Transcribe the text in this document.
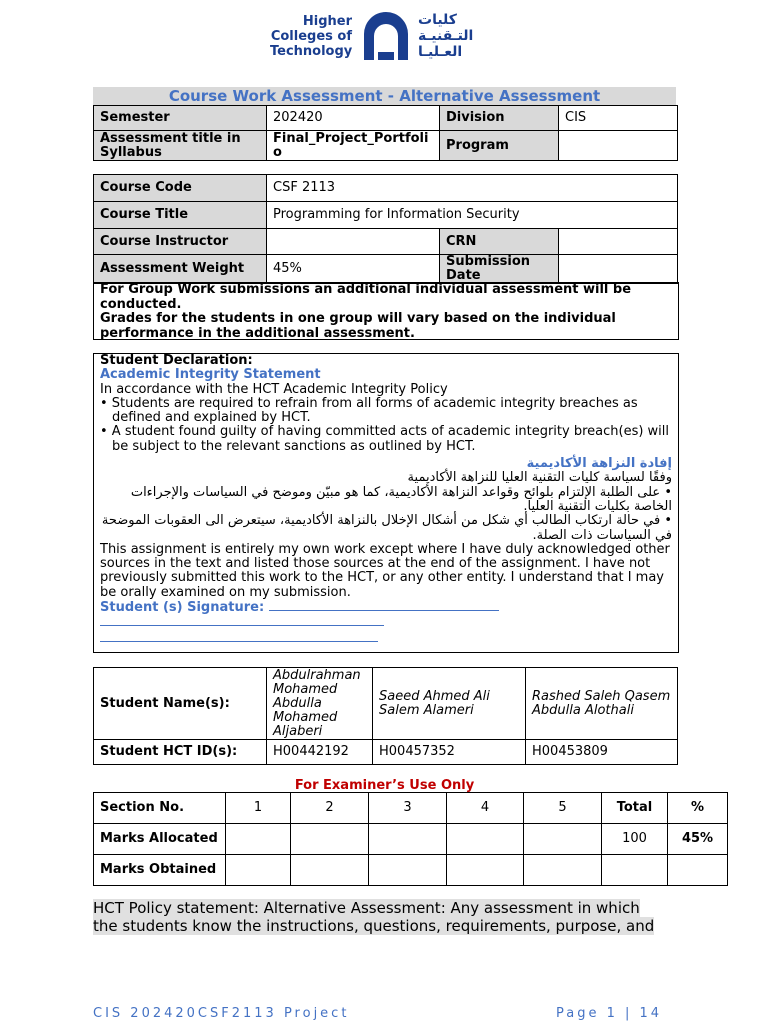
Higher
Colleges of
Technology
كليات
التـقنيـة
العـليـا
Course Work Assessment - Alternative Assessment
Semester	202420	Division	CIS
Assessment title in Syllabus	Final_Project_Portfolio	Program	
Course Code	CSF 2113		
Course Title	Programming for Information Security		
Course Instructor		CRN	
Assessment Weight	45%	Submission Date	
For Group Work submissions an additional individual assessment will be conducted.
Grades for the students in one group will vary based on the individual performance in the additional assessment.
Student Declaration:
Academic Integrity Statement
In accordance with the HCT Academic Integrity Policy
• Students are required to refrain from all forms of academic integrity breaches as defined and explained by HCT.
• A student found guilty of having committed acts of academic integrity breach(es) will be subject to the relevant sanctions as outlined by HCT.
إفادة النزاهة الأكاديمية
وفقًا لسياسة كليات التقنية العليا للنزاهة الأكاديمية
• على الطلبة الإلتزام بلوائح وقواعد النزاهة الأكاديمية، كما هو مبيّن وموضح في السياسات والإجراءات الخاصة بكليات التقنية العليا.
• في حالة ارتكاب الطالب أي شكل من أشكال الإخلال بالنزاهة الأكاديمية، سيتعرض الى العقوبات الموضحة في السياسات ذات الصلة.
This assignment is entirely my own work except where I have duly acknowledged other sources in the text and listed those sources at the end of the assignment. I have not previously submitted this work to the HCT, or any other entity. I understand that I may be orally examined on my submission.
Student (s) Signature:
Student Name(s):	Abdulrahman Mohamed Abdulla Mohamed Aljaberi	Saeed Ahmed Ali Salem Alameri	Rashed Saleh Qasem Abdulla Alothali
Student HCT ID(s):	H00442192	H00457352	H00453809
For Examiner’s Use Only
Section No.	1	2	3	4	5	Total	%
Marks Allocated						100	45%
Marks Obtained							
HCT Policy statement: Alternative Assessment: Any assessment in which
the students know the instructions, questions, requirements, purpose, and
CIS 202420CSF2113 Project	Page 1 | 14
